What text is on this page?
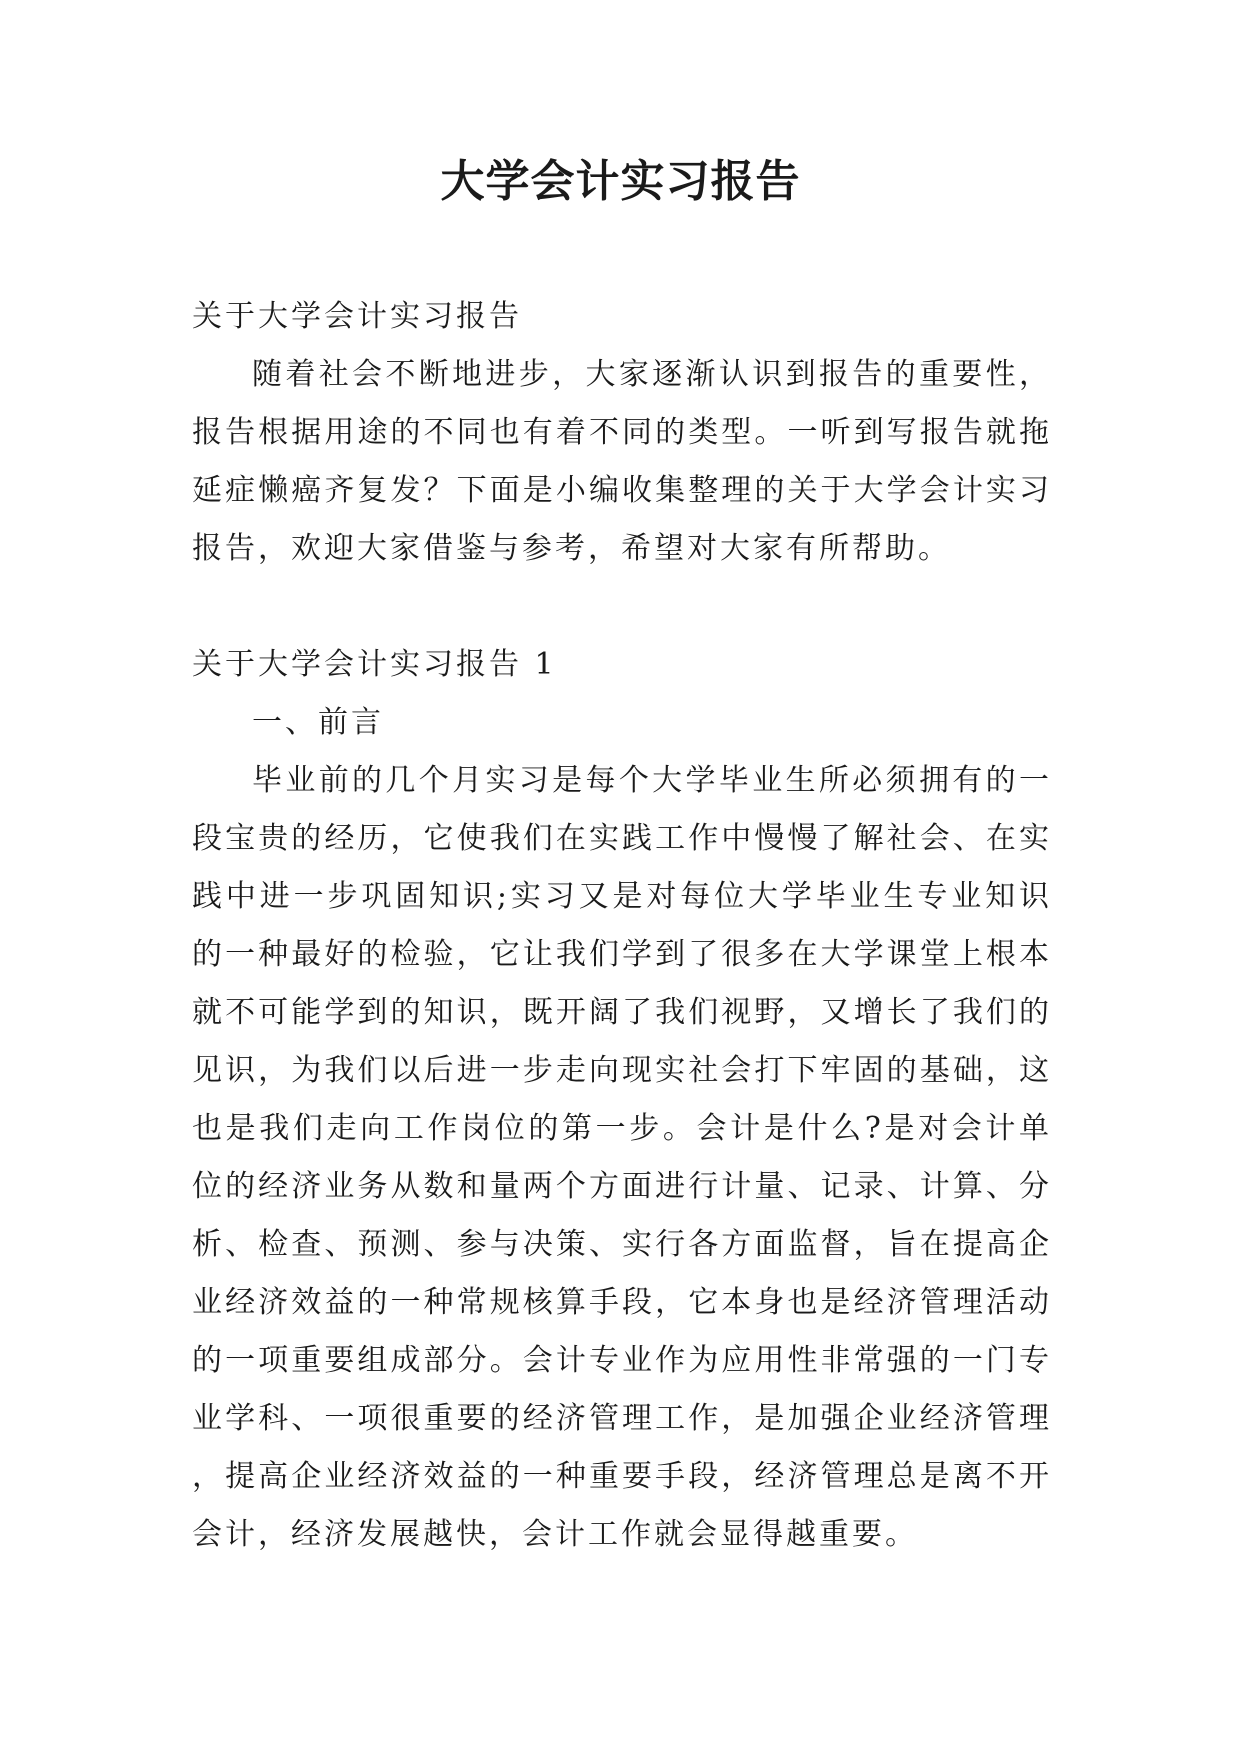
大学会计实习报告

关于大学会计实习报告

随着社会不断地进步，大家逐渐认识到报告的重要性，报告根据用途的不同也有着不同的类型。一听到写报告就拖延症懒癌齐复发？下面是小编收集整理的关于大学会计实习报告，欢迎大家借鉴与参考，希望对大家有所帮助。

关于大学会计实习报告 1

一、前言

毕业前的几个月实习是每个大学毕业生所必须拥有的一段宝贵的经历，它使我们在实践工作中慢慢了解社会、在实践中进一步巩固知识;实习又是对每位大学毕业生专业知识的一种最好的检验，它让我们学到了很多在大学课堂上根本就不可能学到的知识，既开阔了我们视野，又增长了我们的见识，为我们以后进一步走向现实社会打下牢固的基础，这也是我们走向工作岗位的第一步。会计是什么?是对会计单位的经济业务从数和量两个方面进行计量、记录、计算、分析、检查、预测、参与决策、实行各方面监督，旨在提高企业经济效益的一种常规核算手段，它本身也是经济管理活动的一项重要组成部分。会计专业作为应用性非常强的一门专业学科、一项很重要的经济管理工作，是加强企业经济管理，提高企业经济效益的一种重要手段，经济管理总是离不开会计，经济发展越快，会计工作就会显得越重要。
